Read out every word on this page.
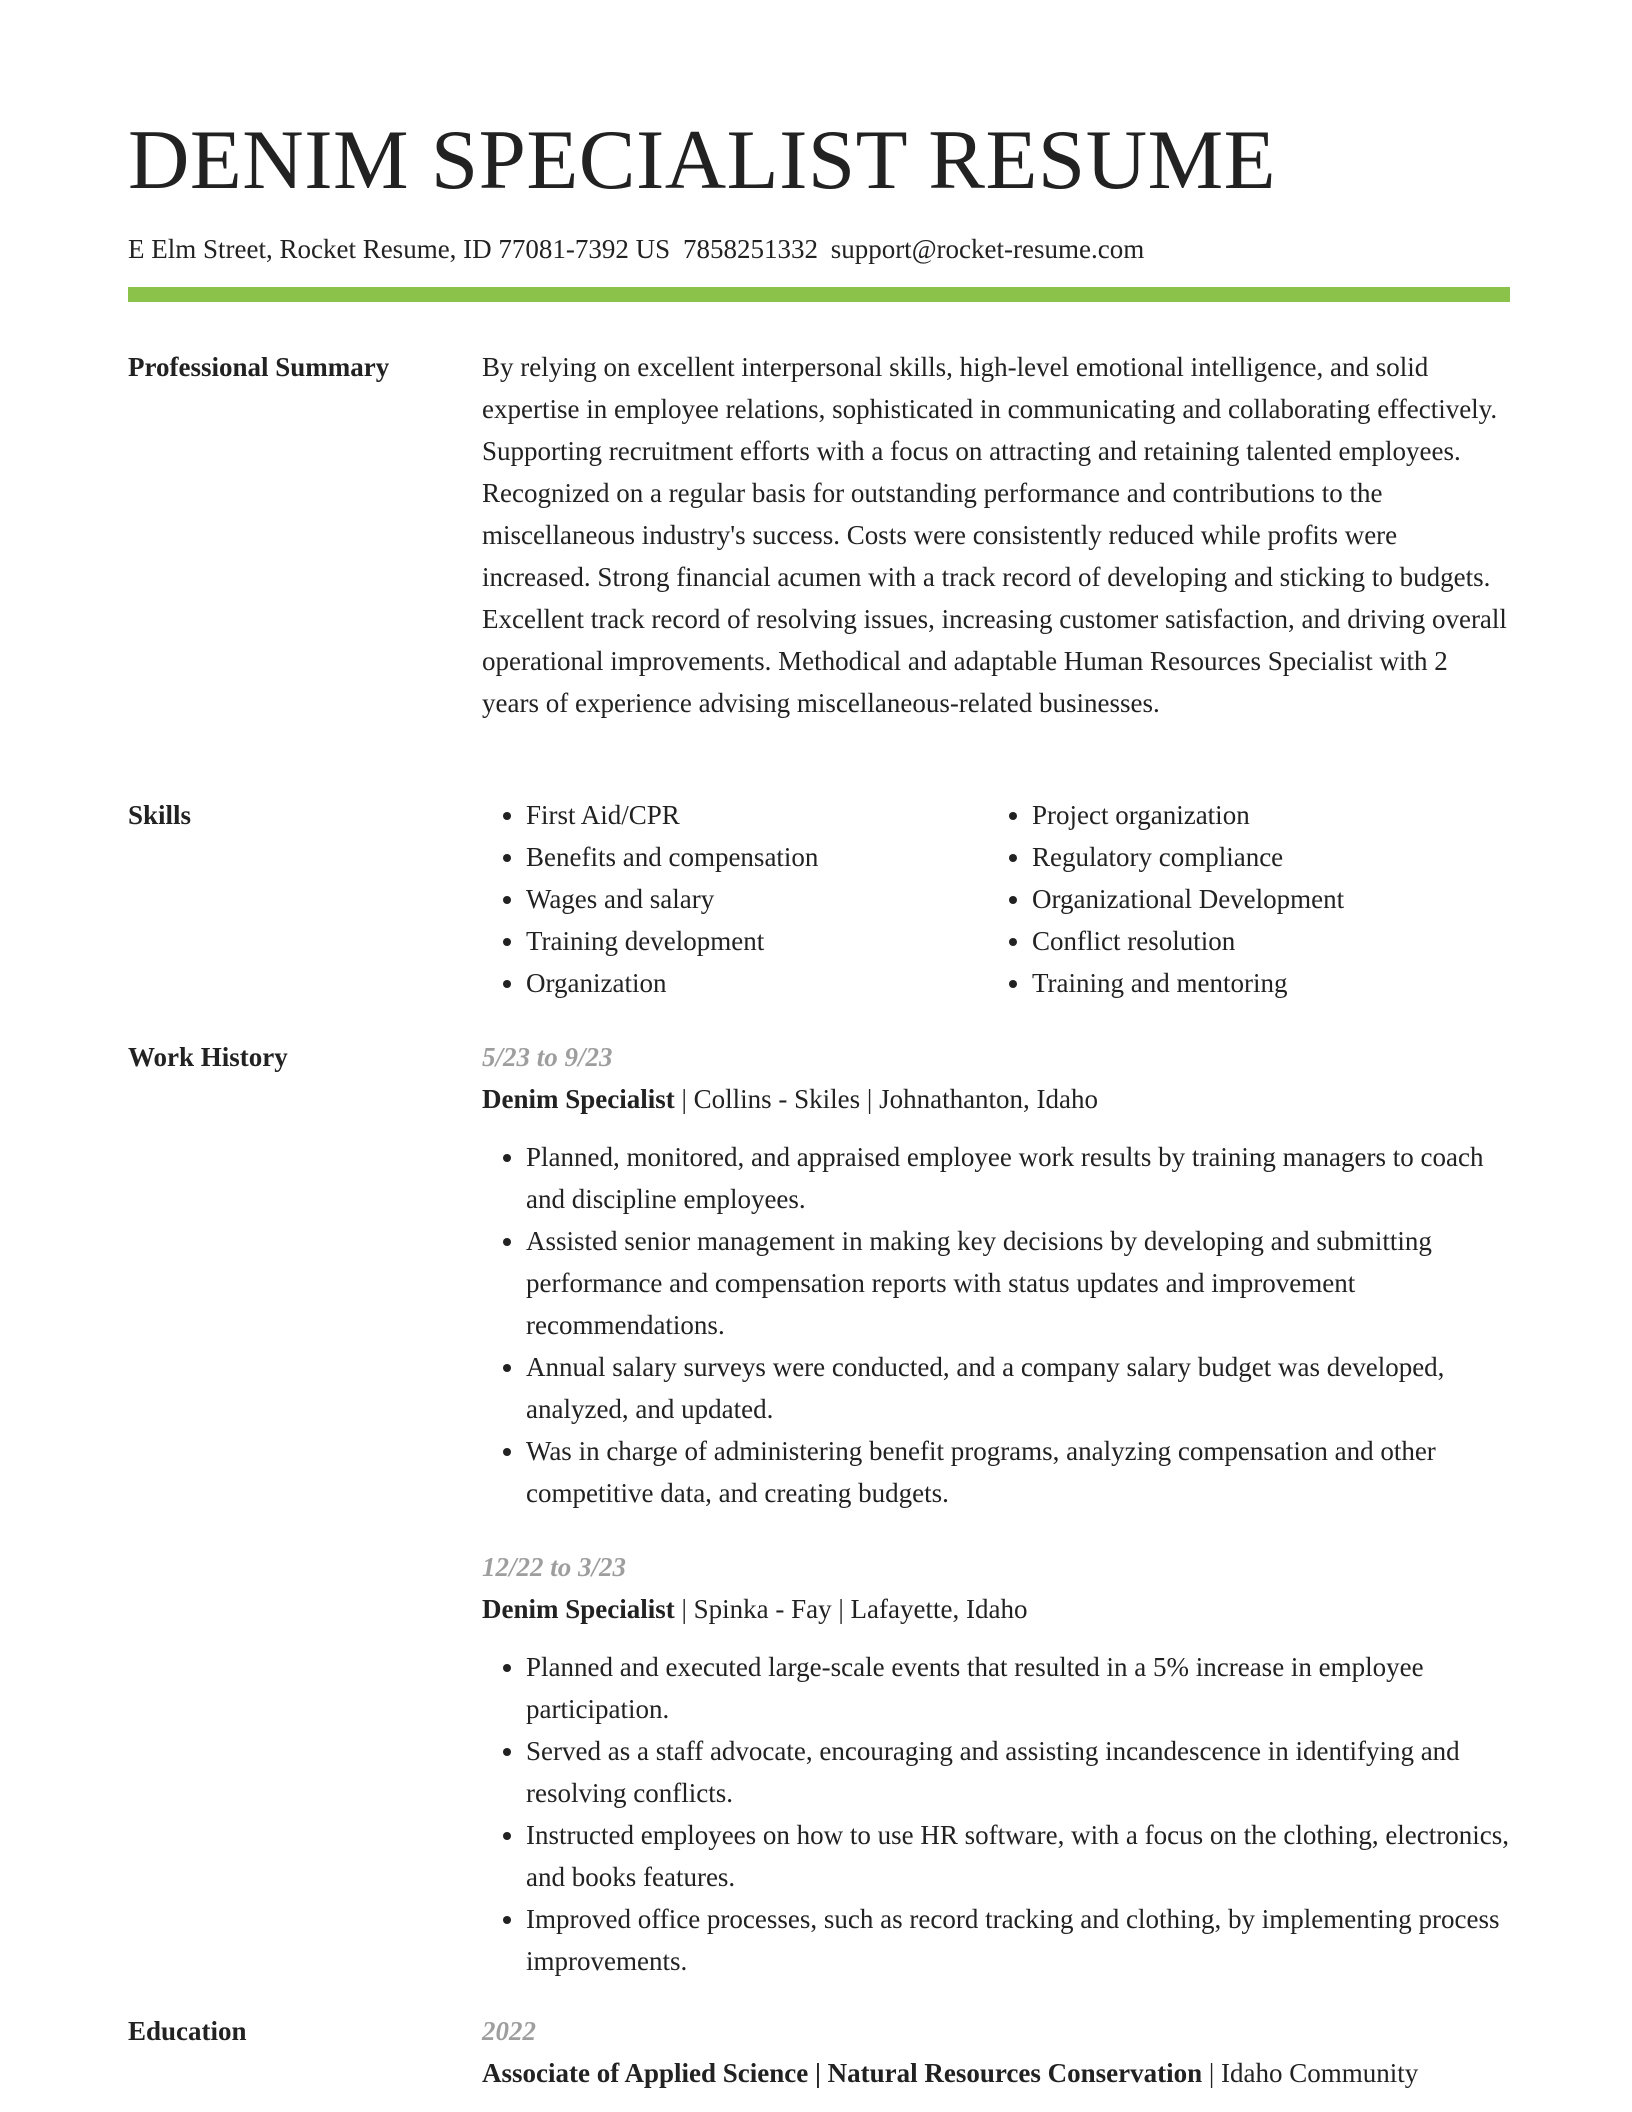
DENIM SPECIALIST RESUME
E Elm Street, Rocket Resume, ID 77081-7392 US 7858251332 support@rocket-resume.com
Professional Summary	By relying on excellent interpersonal skills, high-level emotional intelligence, and solid expertise in employee relations, sophisticated in communicating and collaborating effectively. Supporting recruitment efforts with a focus on attracting and retaining talented employees. Recognized on a regular basis for outstanding performance and contributions to the miscellaneous industry's success. Costs were consistently reduced while profits were increased. Strong financial acumen with a track record of developing and sticking to budgets. Excellent track record of resolving issues, increasing customer satisfaction, and driving overall operational improvements. Methodical and adaptable Human Resources Specialist with 2 years of experience advising miscellaneous-related businesses.

Skills
•	First Aid/CPR
• Benefits and compensation
• Wages and salary
• Training development
• Organization
• Project organization
• Regulatory compliance
• Organizational Development
• Conflict resolution
• Training and mentoring
Work History	5/23 to 9/23
Denim Specialist | Collins - Skiles | Johnathanton, Idaho
• Planned, monitored, and appraised employee work results by training managers to coach and discipline employees.
• Assisted senior management in making key decisions by developing and submitting performance and compensation reports with status updates and improvement recommendations.
• Annual salary surveys were conducted, and a company salary budget was developed, analyzed, and updated.
• Was in charge of administering benefit programs, analyzing compensation and other competitive data, and creating budgets.
12/22 to 3/23
Denim Specialist | Spinka - Fay | Lafayette, Idaho
• Planned and executed large-scale events that resulted in a 5% increase in employee participation.
• Served as a staff advocate, encouraging and assisting incandescence in identifying and resolving conflicts.
• Instructed employees on how to use HR software, with a focus on the clothing, electronics, and books features.
• Improved office processes, such as record tracking and clothing, by implementing process improvements.
Education	2022
Associate of Applied Science | Natural Resources Conservation | Idaho Community
